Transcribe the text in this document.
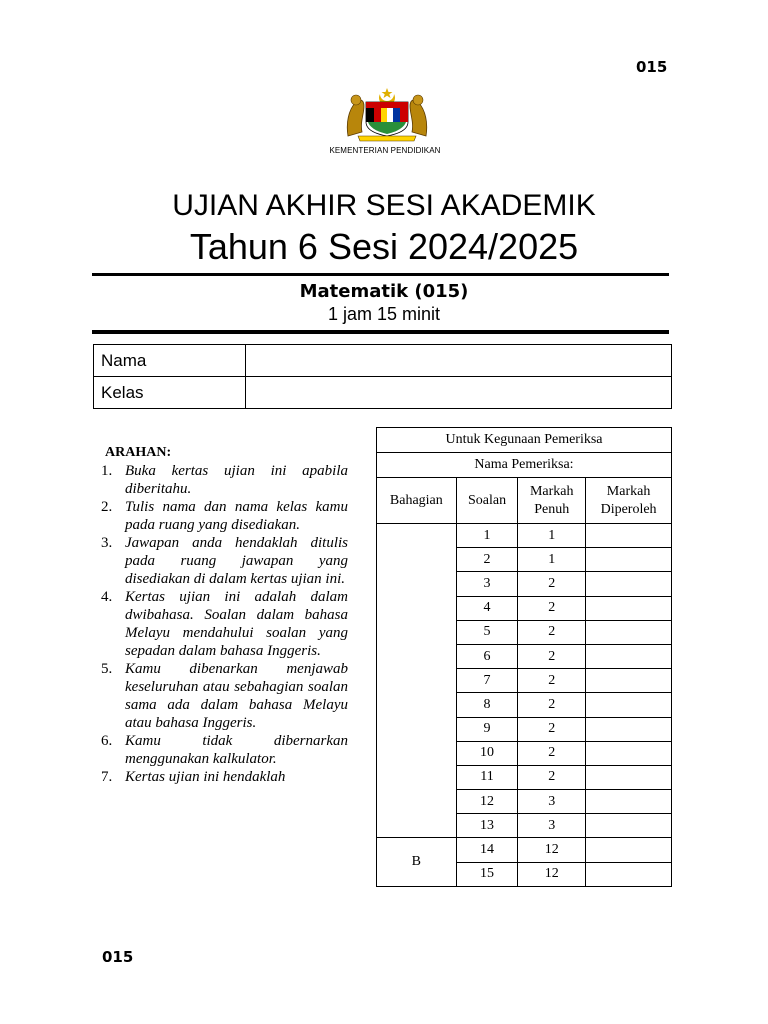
015
KEMENTERIAN PENDIDIKAN
UJIAN AKHIR SESI AKADEMIK
Tahun 6 Sesi 2024/2025
Matematik (015)
1 jam 15 minit
Nama	
Kelas	
ARAHAN:
1. Buka kertas ujian ini apabila diberitahu.
2. Tulis nama dan nama kelas kamu pada ruang yang disediakan.
3. Jawapan anda hendaklah ditulis pada ruang jawapan yang disediakan di dalam kertas ujian ini.
4. Kertas ujian ini adalah dalam dwibahasa. Soalan dalam bahasa Melayu mendahului soalan yang sepadan dalam bahasa Inggeris.
5. Kamu dibenarkan menjawab keseluruhan atau sebahagian soalan sama ada dalam bahasa Melayu atau bahasa Inggeris.
6. Kamu tidak dibernarkan menggunakan kalkulator.
7. Kertas ujian ini hendaklah
Untuk Kegunaan Pemeriksa			
Nama Pemeriksa:			
Bahagian	Soalan	Markah Penuh	Markah Diperoleh
	1	1	
	2	1	
	3	2	
	4	2	
	5	2	
	6	2	
	7	2	
	8	2	
	9	2	
	10	2	
	11	2	
	12	3	
	13	3	
B	14	12	
	15	12	
015
